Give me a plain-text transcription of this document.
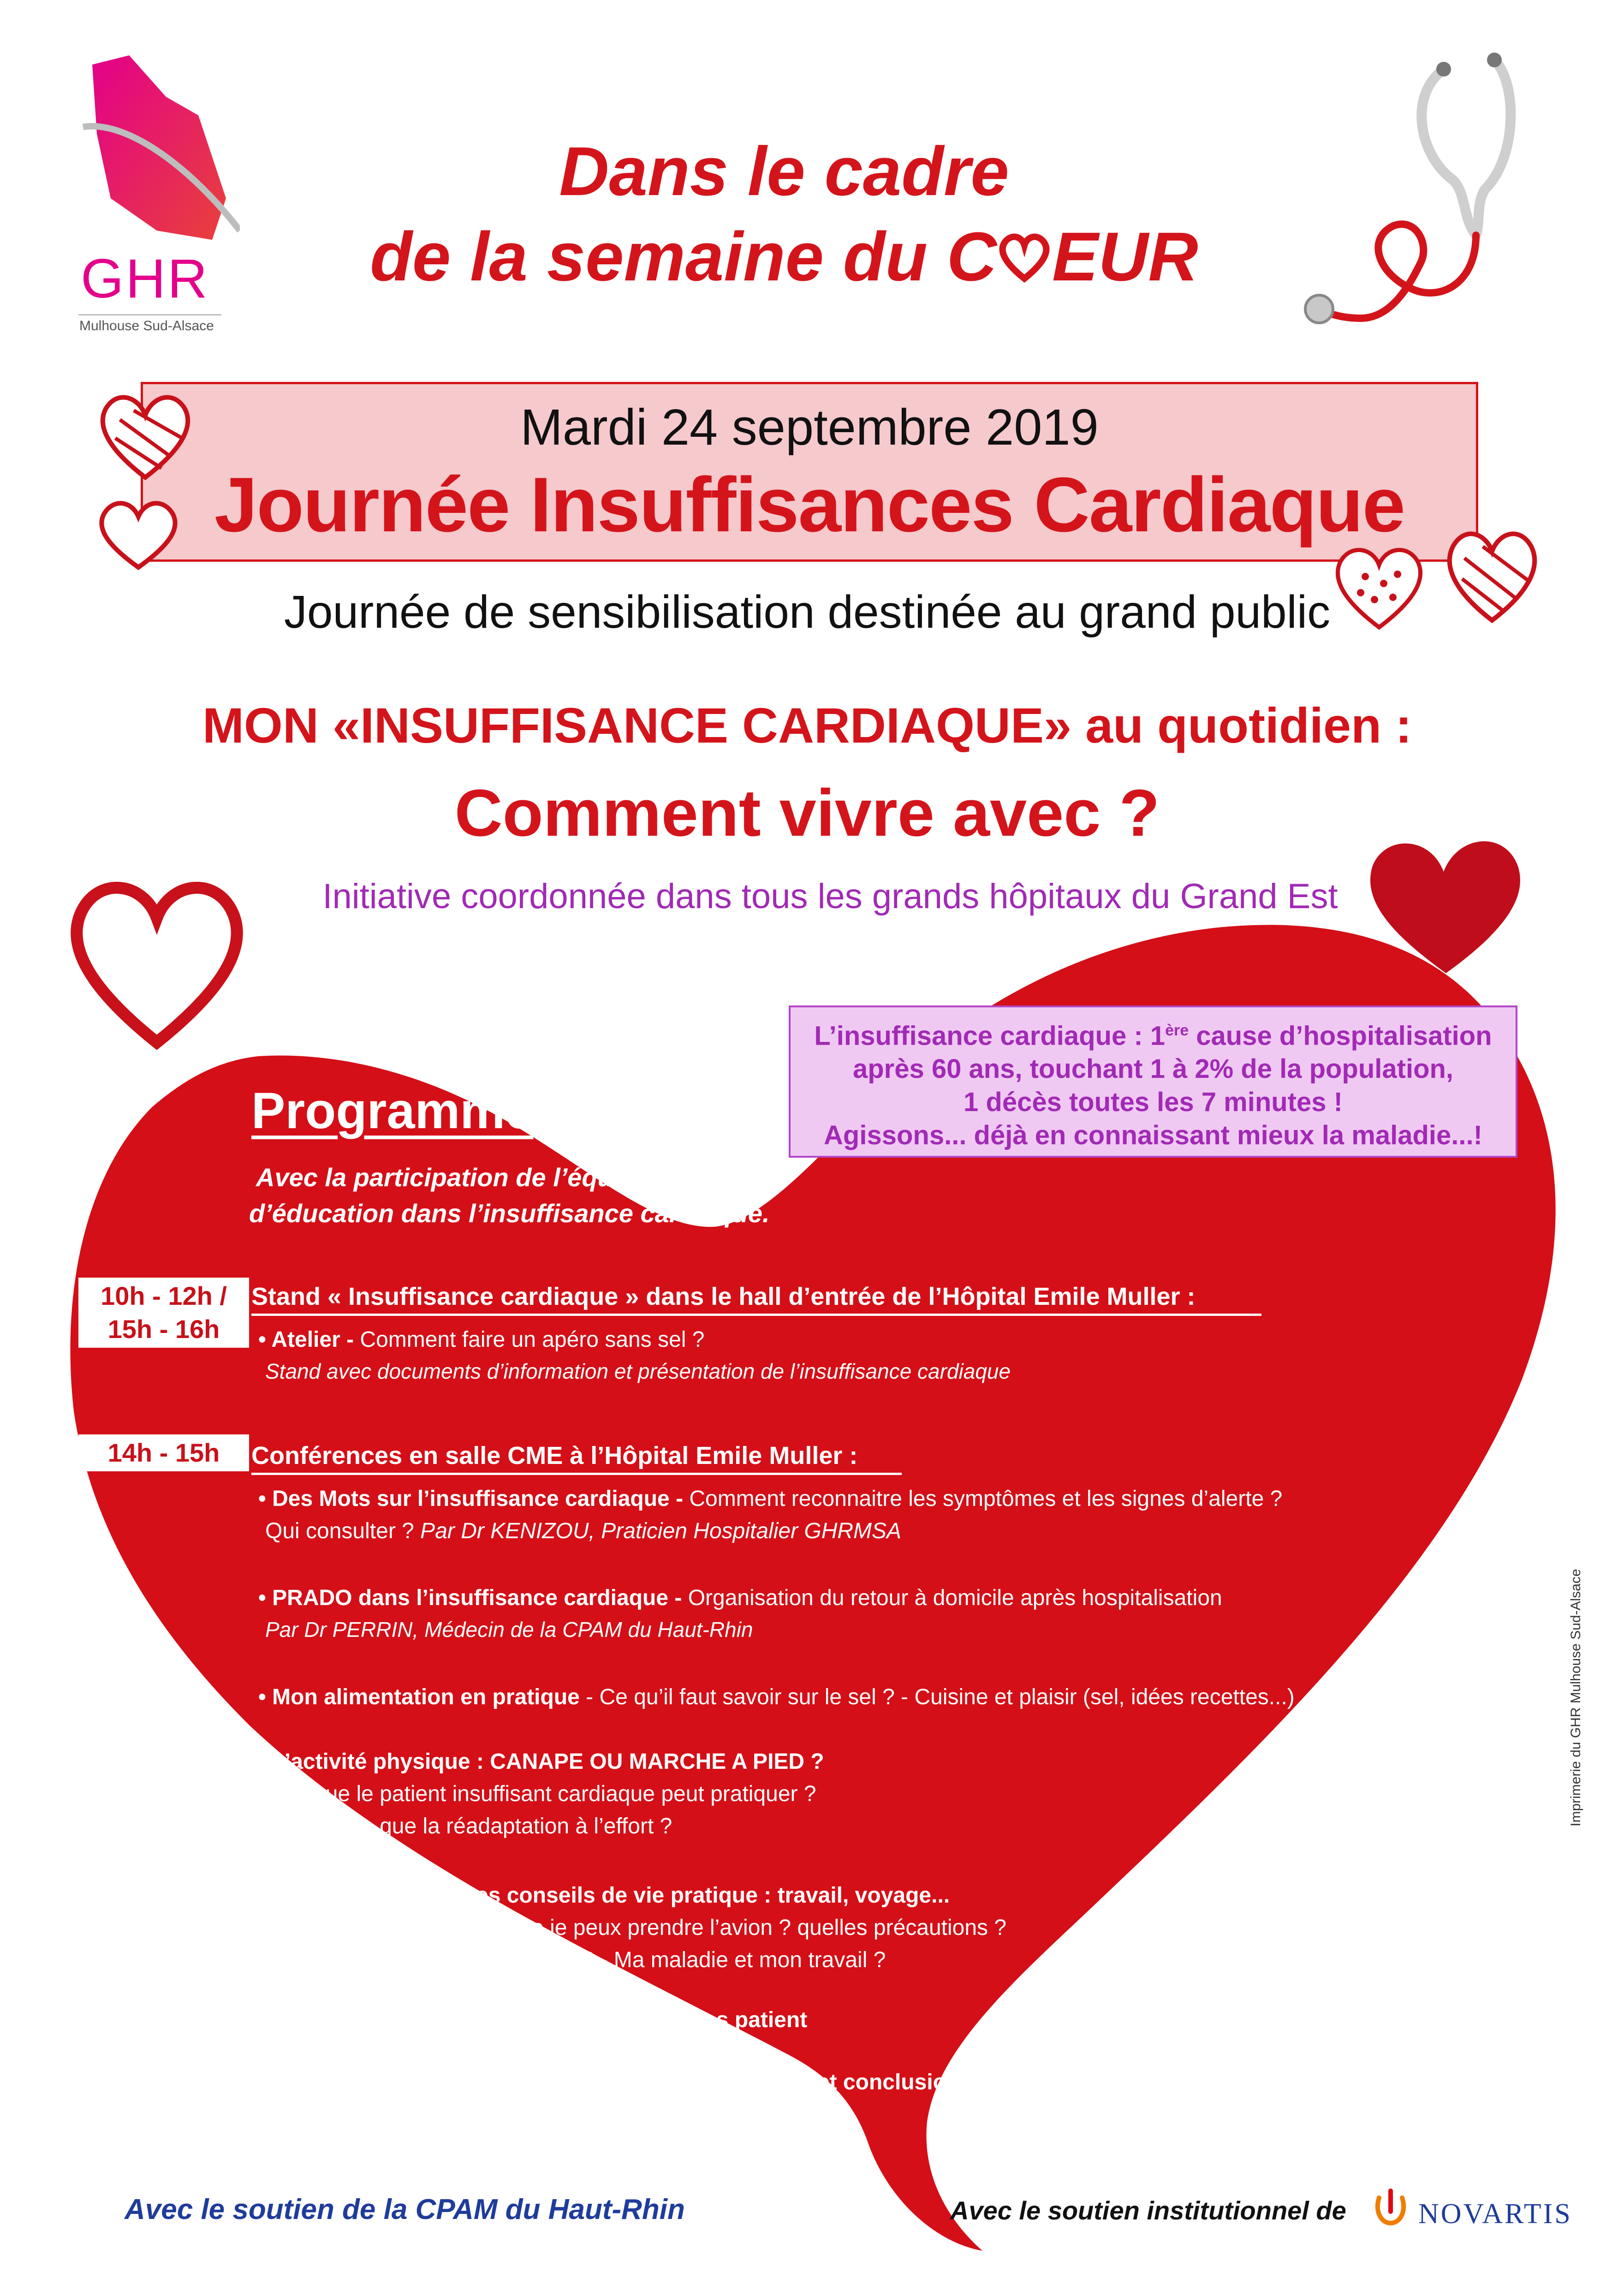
GHR
Mulhouse Sud-Alsace
Dans le cadre
de la semaine du C EUR
Mardi 24 septembre 2019
Journée Insuffisances Cardiaque
Journée de sensibilisation destinée au grand public
MON «INSUFFISANCE CARDIAQUE» au quotidien :
Comment vivre avec ?
Initiative coordonnée dans tous les grands hôpitaux du Grand Est
L’insuffisance cardiaque : 1ère cause d’hospitalisation
après 60 ans, touchant 1 à 2% de la population,
1 décès toutes les 7 minutes !
Agissons... déjà en connaissant mieux la maladie...!
Programme
Avec la participation de l’équipe
d’éducation dans l’insuffisance cardiaque.
10h - 12h /
15h - 16h
Stand « Insuffisance cardiaque » dans le hall d’entrée de l’Hôpital Emile Muller :
• Atelier - Comment faire un apéro sans sel ?
Stand avec documents d’information et présentation de l’insuffisance cardiaque
14h - 15h	Conférences en salle CME à l’Hôpital Emile Muller :
• Des Mots sur l’insuffisance cardiaque - Comment reconnaitre les symptômes et les signes d’alerte ?
Qui consulter ? Par Dr KENIZOU, Praticien Hospitalier GHRMSA
• PRADO dans l’insuffisance cardiaque - Organisation du retour à domicile après hospitalisation
Par Dr PERRIN, Médecin de la CPAM du Haut-Rhin
• Mon alimentation en pratique - Ce qu’il faut savoir sur le sel ? - Cuisine et plaisir (sel, idées recettes...)
• L’activité physique : CANAPE OU MARCHE A PIED ?
- Ce que le patient insuffisant cardiaque peut pratiquer ?
- Qu’est-ce que la réadaptation à l’effort ?
• Autres conseils de vie pratique : travail, voyage...
- Est-ce que je peux prendre l’avion ? quelles précautions ?
- Quels vaccins ? - Ma maladie et mon travail ?
• Témoignages patient
• Table ronde et conclusion
Imprimerie du GHR Mulhouse Sud-Alsace
Avec le soutien de la CPAM du Haut-Rhin	Avec le soutien institutionnel de	NOVARTIS
